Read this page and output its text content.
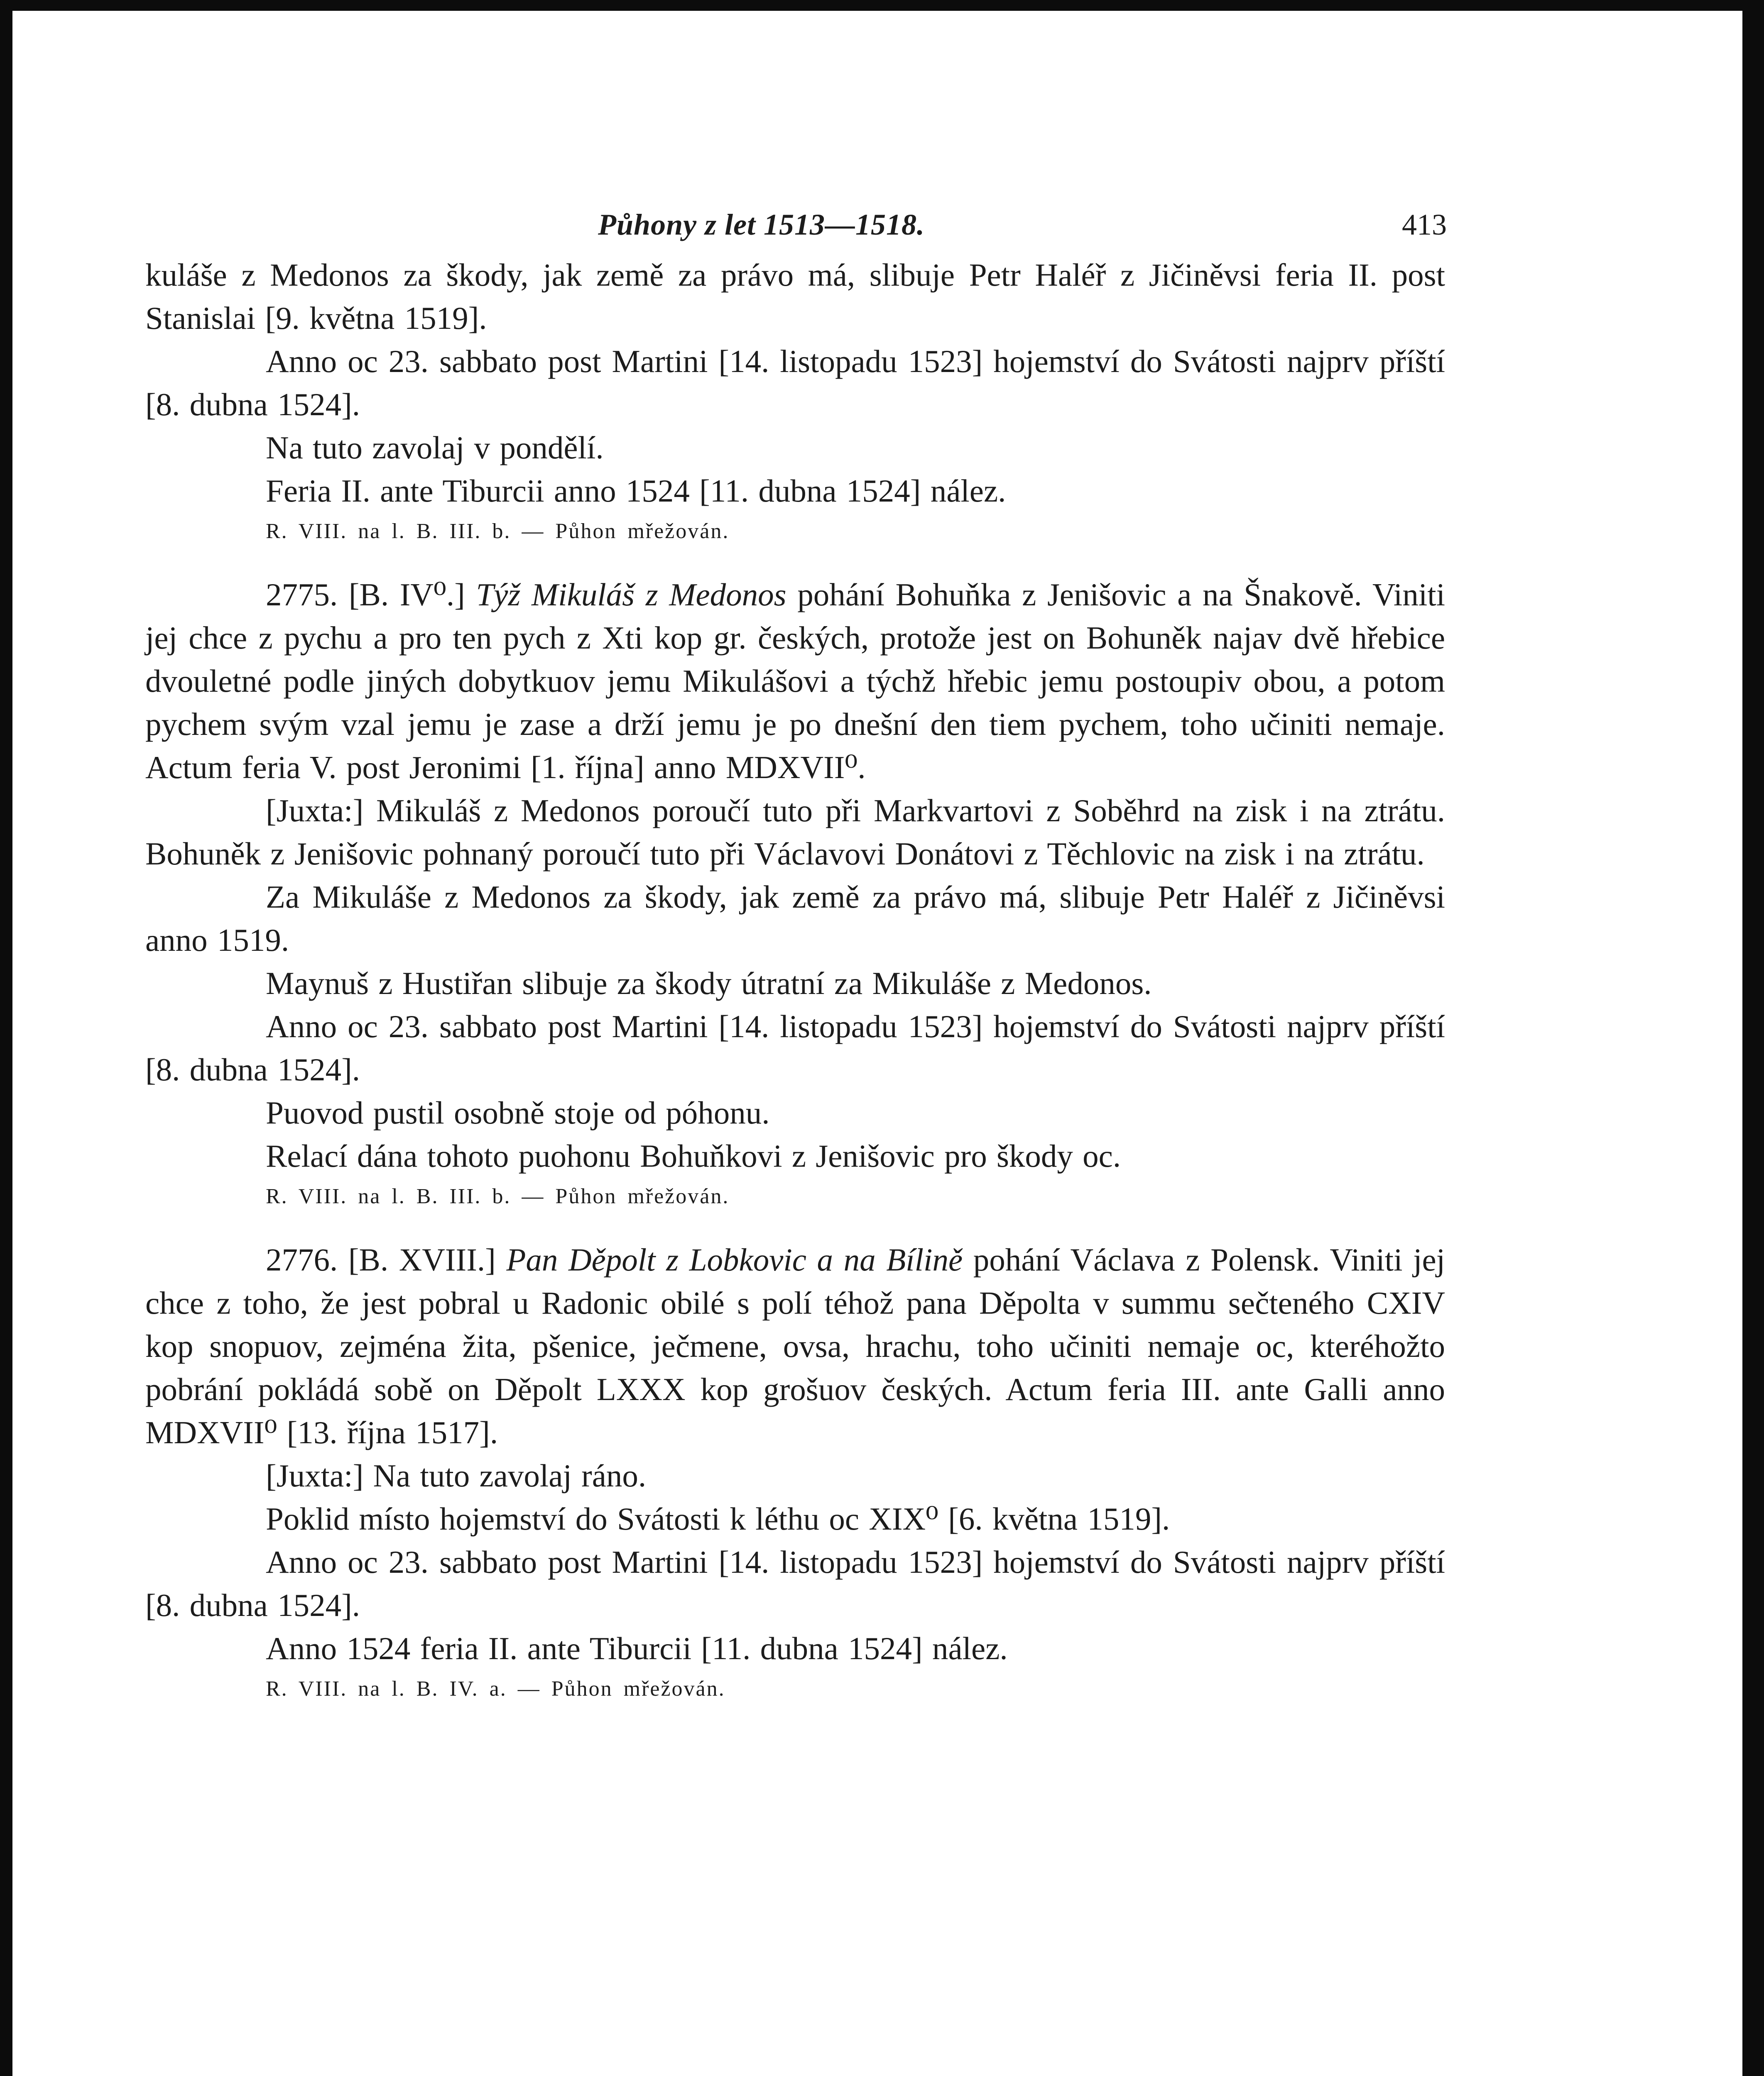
Půhony z let 1513—1518.	413

kuláše z Medonos za škody, jak země za právo má, slibuje Petr Haléř z Jičiněvsi feria II. post Stanislai [9. května 1519].

Anno oc 23. sabbato post Martini [14. listopadu 1523] hojemství do Svátosti najprv příští [8. dubna 1524].

Na tuto zavolaj v pondělí.

Feria II. ante Tiburcii anno 1524 [11. dubna 1524] nález.

R. VIII. na l. B. III. b. — Půhon mřežován.

2775. [B. IV⁰.] Týž Mikuláš z Medonos pohání Bohuňka z Jenišovic a na Šnakově. Viniti jej chce z pychu a pro ten pych z Xti kop gr. českých, protože jest on Bohuněk najav dvě hřebice dvouletné podle jiných dobytkuov jemu Mikulášovi a týchž hřebic jemu postoupiv obou, a potom pychem svým vzal jemu je zase a drží jemu je po dnešní den tiem pychem, toho učiniti nemaje. Actum feria V. post Jeronimi [1. října] anno MDXVII⁰.

[Juxta:] Mikuláš z Medonos poroučí tuto při Markvartovi z Soběhrd na zisk i na ztrátu. Bohuněk z Jenišovic pohnaný poroučí tuto při Václavovi Donátovi z Těchlovic na zisk i na ztrátu.

Za Mikuláše z Medonos za škody, jak země za právo má, slibuje Petr Haléř z Jičiněvsi anno 1519.

Maynuš z Hustiřan slibuje za škody útratní za Mikuláše z Medonos.

Anno oc 23. sabbato post Martini [14. listopadu 1523] hojemství do Svátosti najprv příští [8. dubna 1524].

Puovod pustil osobně stoje od póhonu.

Relací dána tohoto puohonu Bohuňkovi z Jenišovic pro škody oc.

R. VIII. na l. B. III. b. — Půhon mřežován.

2776. [B. XVIII.] Pan Děpolt z Lobkovic a na Bílině pohání Václava z Polensk. Viniti jej chce z toho, že jest pobral u Radonic obilé s polí téhož pana Děpolta v summu sečteného CXIV kop snopuov, zejména žita, pšenice, ječmene, ovsa, hrachu, toho učiniti nemaje oc, kteréhožto pobrání pokládá sobě on Děpolt LXXX kop grošuov českých. Actum feria III. ante Galli anno MDXVII⁰ [13. října 1517].

[Juxta:] Na tuto zavolaj ráno.

Poklid místo hojemství do Svátosti k léthu oc XIX⁰ [6. května 1519].

Anno oc 23. sabbato post Martini [14. listopadu 1523] hojemství do Svátosti najprv příští [8. dubna 1524].

Anno 1524 feria II. ante Tiburcii [11. dubna 1524] nález.

R. VIII. na l. B. IV. a. — Půhon mřežován.
